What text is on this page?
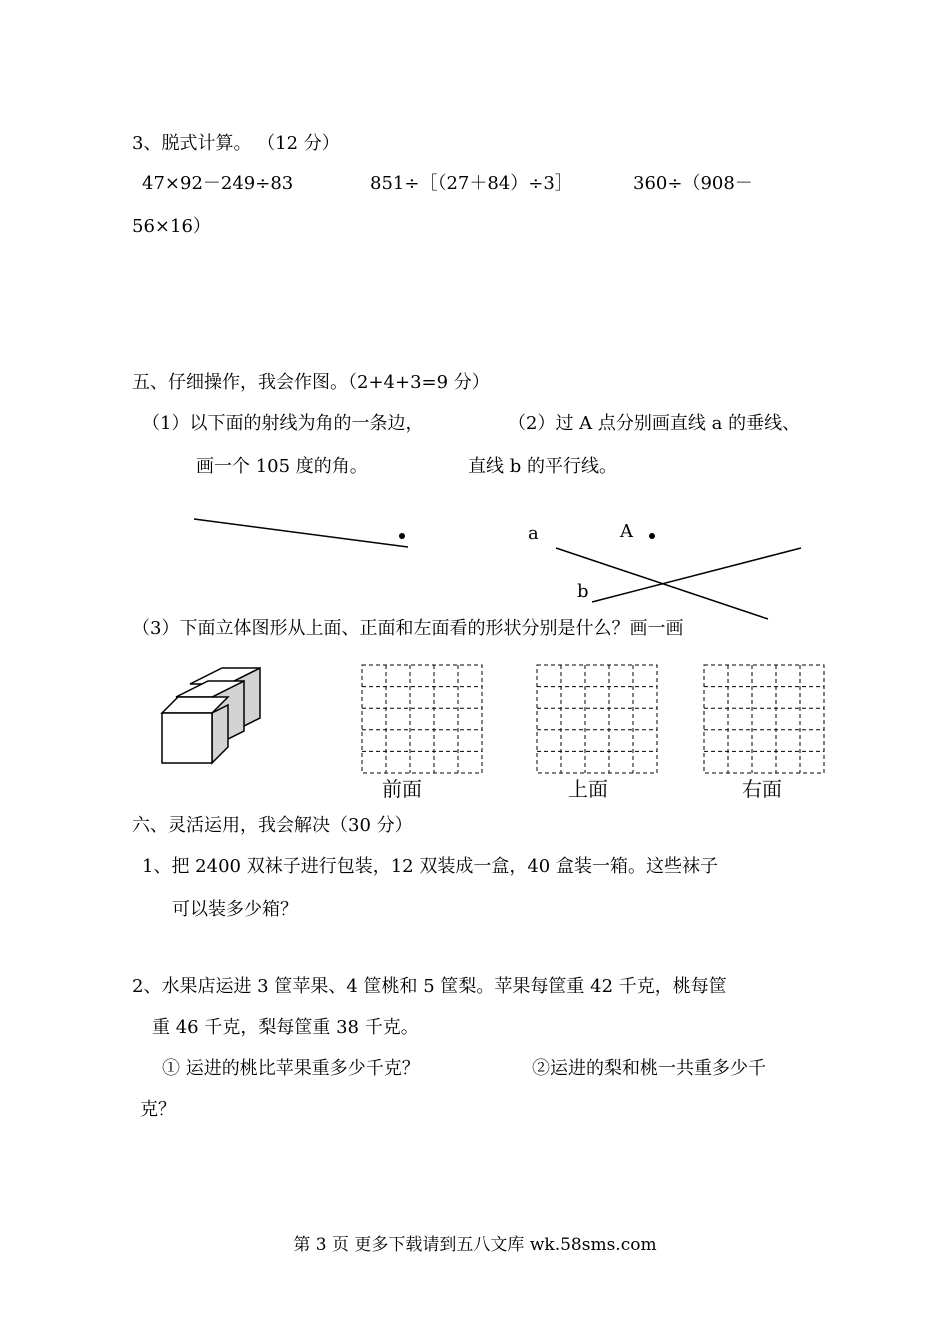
3、脱式计算。 （12 分）
47×92－249÷83	851÷［（27＋84）÷3］	360÷（908－
56×16）
五、仔细操作，我会作图。（2+4+3=9 分）
（1）以下面的射线为角的一条边，	（2）过 A 点分别画直线 a 的垂线、
画一个 105 度的角。	直线 b 的平行线。
a	A
b
（3）下面立体图形从上面、正面和左面看的形状分别是什么？画一画
前面	上面	右面
六、灵活运用，我会解决（30 分）
1、把 2400 双袜子进行包装，12 双装成一盒，40 盒装一箱。这些袜子
可以装多少箱？
2、水果店运进 3 筐苹果、4 筐桃和 5 筐梨。苹果每筐重 42 千克，桃每筐
重 46 千克，梨每筐重 38 千克。
① 运进的桃比苹果重多少千克？	②运进的梨和桃一共重多少千
克？
第 3 页 更多下载请到五八文库 wk.58sms.com
